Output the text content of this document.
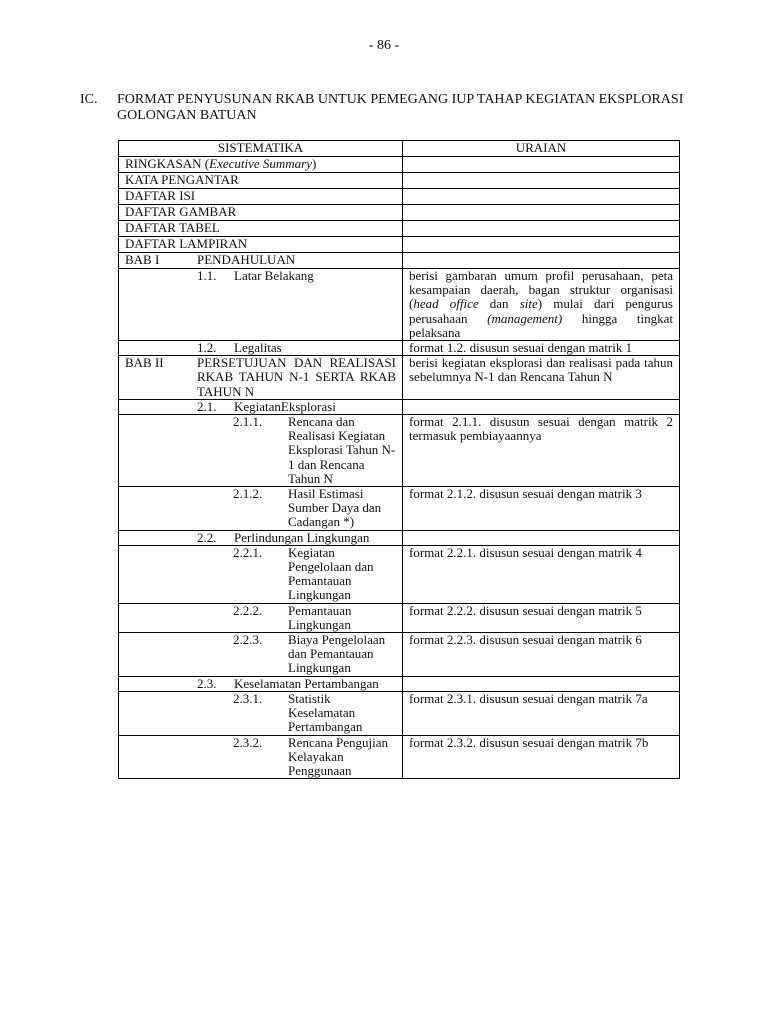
- 86 -
IC. FORMAT PENYUSUNAN RKAB UNTUK PEMEGANG IUP TAHAP KEGIATAN EKSPLORASI GOLONGAN BATUAN
SISTEMATIKA	URAIAN
RINGKASAN (Executive Summary)	
KATA PENGANTAR	
DAFTAR ISI	
DAFTAR GAMBAR	
DAFTAR TABEL	
DAFTAR LAMPIRAN	

BAB I PENDAHULUAN	

1.1. Latar Belakang	berisi gambaran umum profil perusahaan, peta kesampaian daerah, bagan struktur organisasi (head office dan site) mulai dari pengurus perusahaan (management) hingga tingkat pelaksana

1.2. Legalitas	format 1.2. disusun sesuai dengan matrik 1

BAB II PERSETUJUAN DAN REALISASI RKAB TAHUN N-1 SERTA RKAB TAHUN N	berisi kegiatan eksplorasi dan realisasi pada tahun sebelumnya N-1 dan Rencana Tahun N

2.1. KegiatanEksplorasi	

2.1.1. Rencana dan Realisasi Kegiatan Eksplorasi Tahun N-1 dan Rencana Tahun N	format 2.1.1. disusun sesuai dengan matrik 2 termasuk pembiayaannya

2.1.2. Hasil Estimasi Sumber Daya dan Cadangan *)	format 2.1.2. disusun sesuai dengan matrik 3

2.2. Perlindungan Lingkungan	

2.2.1. Kegiatan Pengelolaan dan Pemantauan Lingkungan	format 2.2.1. disusun sesuai dengan matrik 4

2.2.2. Pemantauan Lingkungan	format 2.2.2. disusun sesuai dengan matrik 5

2.2.3. Biaya Pengelolaan dan Pemantauan Lingkungan	format 2.2.3. disusun sesuai dengan matrik 6

2.3. Keselamatan Pertambangan	

2.3.1. Statistik Keselamatan Pertambangan	format 2.3.1. disusun sesuai dengan matrik 7a

2.3.2. Rencana Pengujian Kelayakan Penggunaan	format 2.3.2. disusun sesuai dengan matrik 7b
